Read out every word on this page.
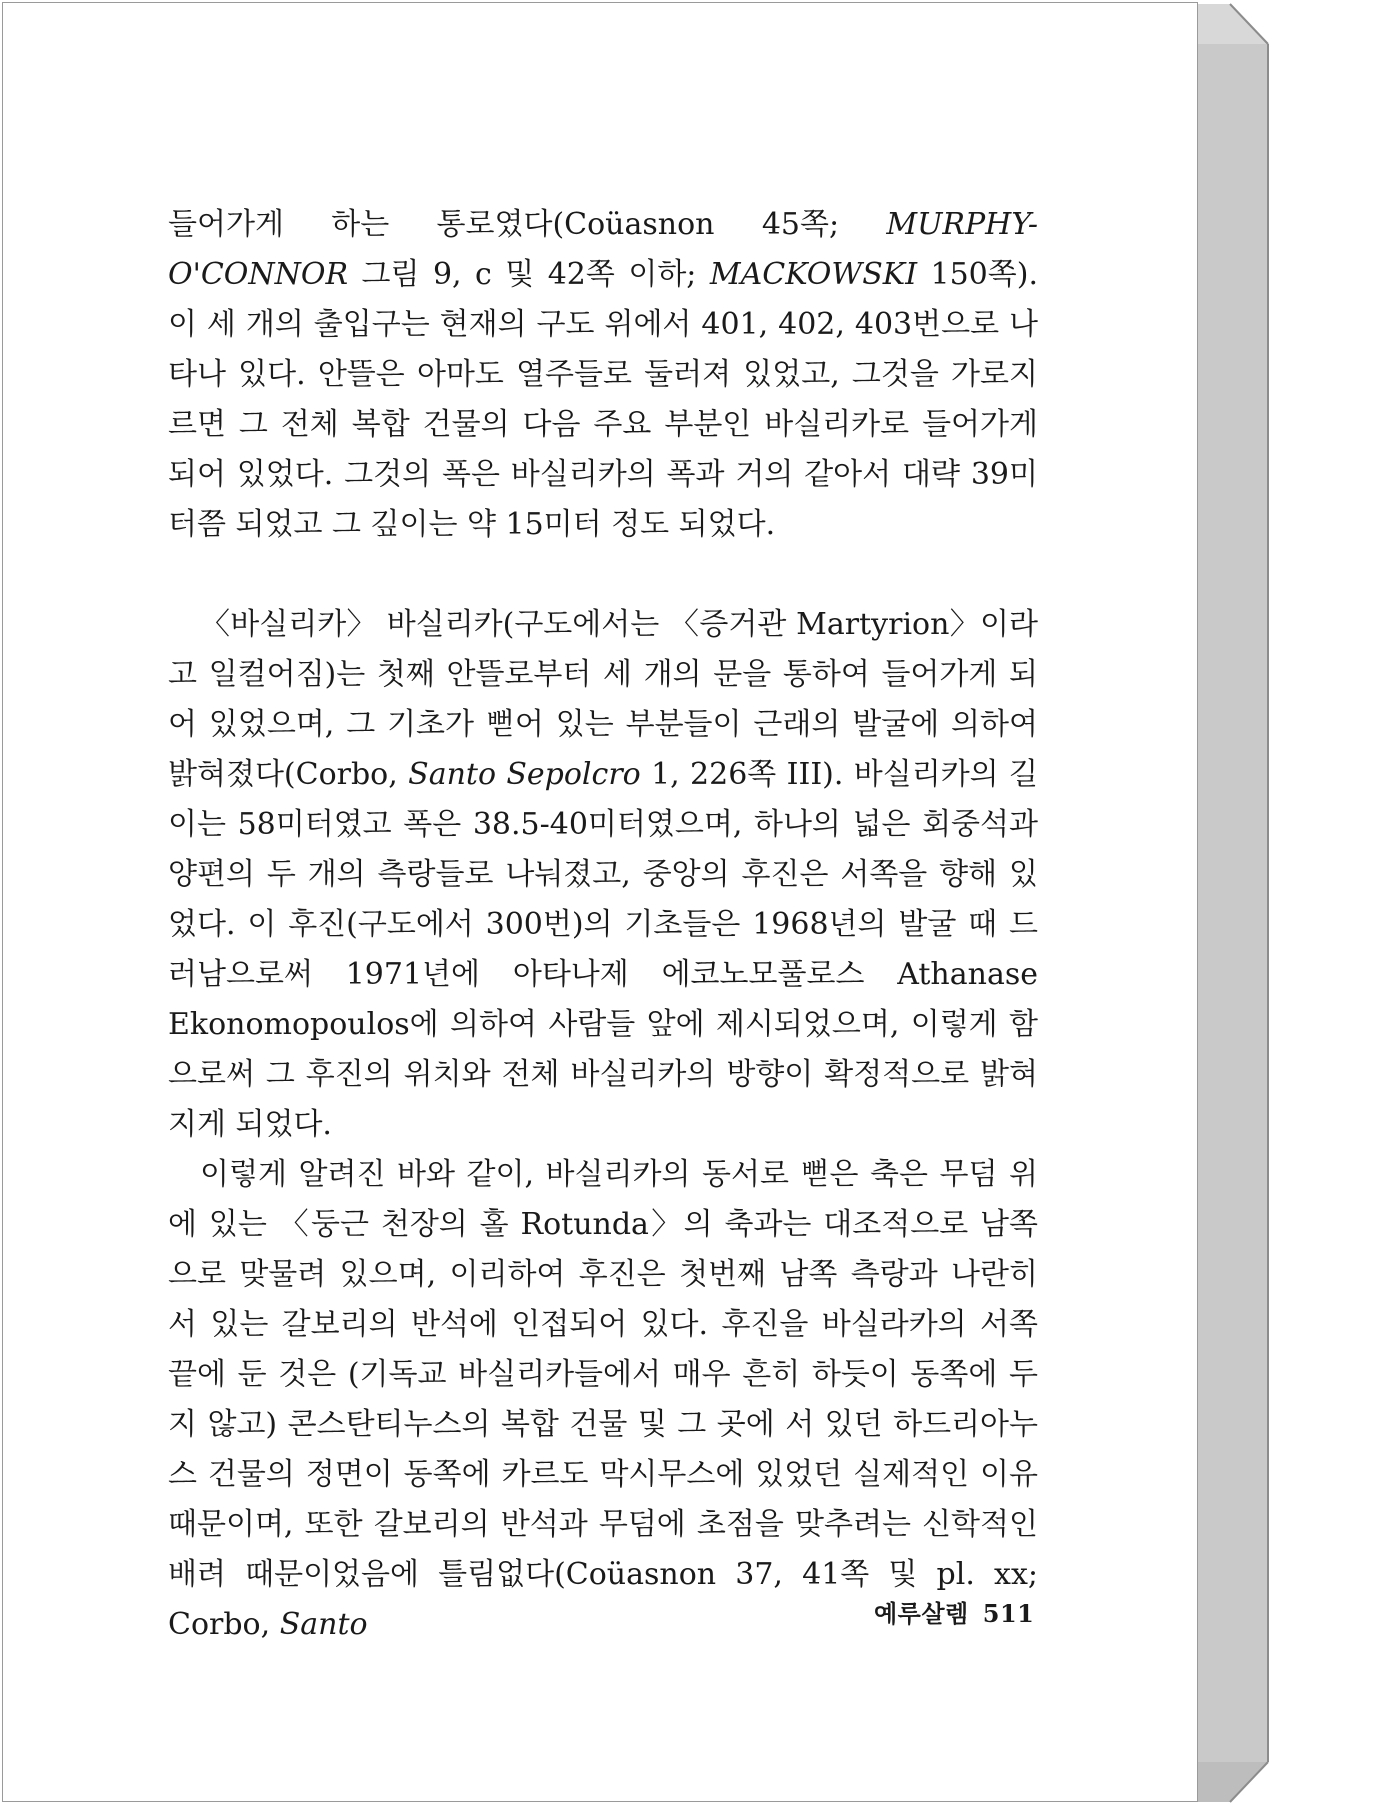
들어가게 하는 통로였다(Coüasnon 45쪽; MURPHY-O'CONNOR 그림 9, c 및 42쪽 이하; MACKOWSKI 150쪽). 이 세 개의 출입구는 현재의 구도 위에서 401, 402, 403번으로 나타나 있다. 안뜰은 아마도 열주들로 둘러져 있었고, 그것을 가로지르면 그 전체 복합 건물의 다음 주요 부분인 바실리카로 들어가게 되어 있었다. 그것의 폭은 바실리카의 폭과 거의 같아서 대략 39미터쯤 되었고 그 깊이는 약 15미터 정도 되었다.

〈바실리카〉 바실리카(구도에서는 〈증거관 Martyrion〉이라고 일컬어짐)는 첫째 안뜰로부터 세 개의 문을 통하여 들어가게 되어 있었으며, 그 기초가 뻗어 있는 부분들이 근래의 발굴에 의하여 밝혀졌다(Corbo, Santo Sepolcro 1, 226쪽 III). 바실리카의 길이는 58미터였고 폭은 38.5-40미터였으며, 하나의 넓은 회중석과 양편의 두 개의 측랑들로 나눠졌고, 중앙의 후진은 서쪽을 향해 있었다. 이 후진(구도에서 300번)의 기초들은 1968년의 발굴 때 드러남으로써 1971년에 아타나제 에코노모풀로스 Athanase Ekonomopoulos에 의하여 사람들 앞에 제시되었으며, 이렇게 함으로써 그 후진의 위치와 전체 바실리카의 방향이 확정적으로 밝혀지게 되었다.

이렇게 알려진 바와 같이, 바실리카의 동서로 뻗은 축은 무덤 위에 있는 〈둥근 천장의 홀 Rotunda〉의 축과는 대조적으로 남쪽으로 맞물려 있으며, 이리하여 후진은 첫번째 남쪽 측랑과 나란히 서 있는 갈보리의 반석에 인접되어 있다. 후진을 바실라카의 서쪽 끝에 둔 것은 (기독교 바실리카들에서 매우 흔히 하듯이 동쪽에 두지 않고) 콘스탄티누스의 복합 건물 및 그 곳에 서 있던 하드리아누스 건물의 정면이 동쪽에 카르도 막시무스에 있었던 실제적인 이유 때문이며, 또한 갈보리의 반석과 무덤에 초점을 맞추려는 신학적인 배려 때문이었음에 틀림없다(Coüasnon 37, 41쪽 및 pl. xx; Corbo, Santo	예루살렘 511
